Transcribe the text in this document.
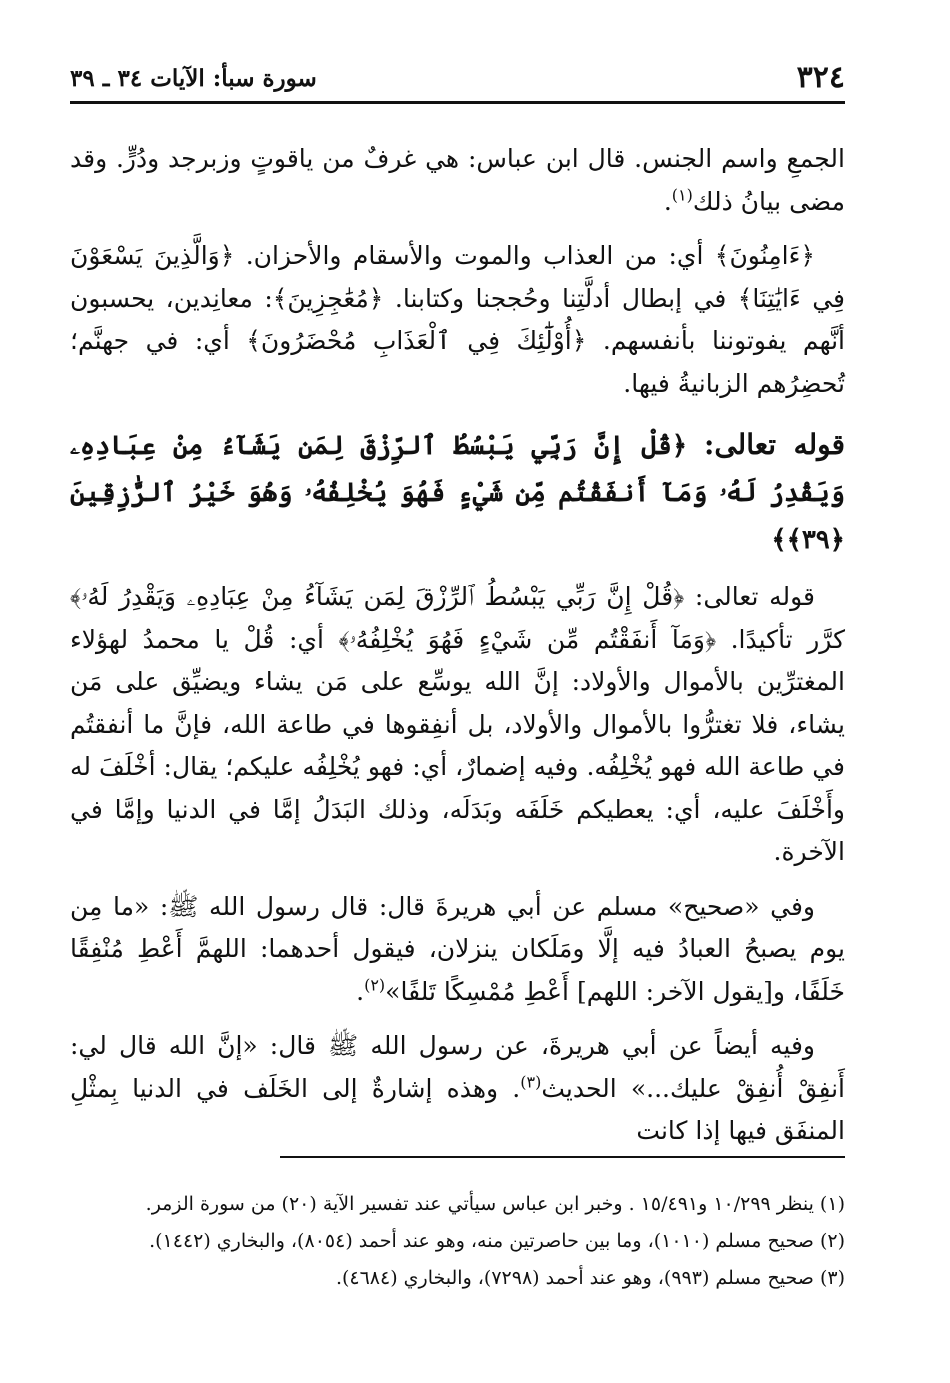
٣٢٤
سورة سبأ: الآيات ٣٤ ـ ٣٩

الجمعِ واسم الجنس. قال ابن عباس: هي غرفٌ من ياقوتٍ وزبرجد ودُرٍّ. وقد مضى بيانُ ذلك$^{(١)}$.

﴿ءَامِنُونَ﴾ أي: من العذاب والموت والأسقام والأحزان. ﴿وَالَّذِينَ يَسْعَوْنَ فِي ءَايَٰتِنَا﴾ في إبطال أدلَّتِنا وحُججنا وكتابنا. ﴿مُعَٰجِزِينَ﴾: معانِدين، يحسبون أنَّهم يفوتوننا بأنفسهم. ﴿أُوْلَٰٓئِكَ فِي ٱلْعَذَابِ مُحْضَرُونَ﴾ أي: في جهنَّم؛ تُحضِرُهم الزبانيةُ فيها.

قوله تعالى: ﴿قُلْ إِنَّ رَبِّي يَبْسُطُ ٱلرِّزْقَ لِمَن يَشَآءُ مِنْ عِبَادِهِۦ وَيَقْدِرُ لَهُۥ وَمَآ أَنفَقْتُم مِّن شَيْءٍ فَهُوَ يُخْلِفُهُۥ وَهُوَ خَيْرُ ٱلرَّٰزِقِينَ ﴿٣٩﴾﴾

قوله تعالى: ﴿قُلْ إِنَّ رَبِّي يَبْسُطُ ٱلرِّزْقَ لِمَن يَشَآءُ مِنْ عِبَادِهِۦ وَيَقْدِرُ لَهُۥ﴾ كرَّر تأكيدًا. ﴿وَمَآ أَنفَقْتُم مِّن شَيْءٍ فَهُوَ يُخْلِفُهُۥ﴾ أي: قُلْ يا محمدُ لهؤلاء المغترِّين بالأموال والأولاد: إنَّ الله يوسِّع على مَن يشاء ويضيِّق على مَن يشاء، فلا تغترُّوا بالأموال والأولاد، بل أنفِقوها في طاعة الله، فإنَّ ما أنفقتُم في طاعة الله فهو يُخْلِفُه. وفيه إضمارٌ، أي: فهو يُخْلِفُه عليكم؛ يقال: أخْلَفَ له وأَخْلَفَ عليه، أي: يعطيكم خَلَفَه وبَدَلَه، وذلك البَدَلُ إمَّا في الدنيا وإمَّا في الآخرة.

وفي «صحيح» مسلم عن أبي هريرةَ قال: قال رسول الله ﷺ: «ما مِن يوم يصبحُ العبادُ فيه إلَّا ومَلَكان ينزلان، فيقول أحدهما: اللهمَّ أَعْطِ مُنْفِقًا خَلَفًا، و[يقول الآخر: اللهم] أَعْطِ مُمْسِكًا تَلفًا»$^{(٢)}$.

وفيه أيضاً عن أبي هريرةَ، عن رسول الله ﷺ قال: «إنَّ الله قال لي: أَنفِقْ أُنفِقْ عليك...» الحديث$^{(٣)}$. وهذه إشارةٌ إلى الخَلَف في الدنيا بِمثْلِ المنفَق فيها إذا كانت

(١) ينظر ١٠/٢٩٩ و١٥/٤٩١ . وخبر ابن عباس سيأتي عند تفسير الآية (٢٠) من سورة الزمر.

(٢) صحيح مسلم (١٠١٠)، وما بين حاصرتين منه، وهو عند أحمد (٨٠٥٤)، والبخاري (١٤٤٢).

(٣) صحيح مسلم (٩٩٣)، وهو عند أحمد (٧٢٩٨)، والبخاري (٤٦٨٤).
